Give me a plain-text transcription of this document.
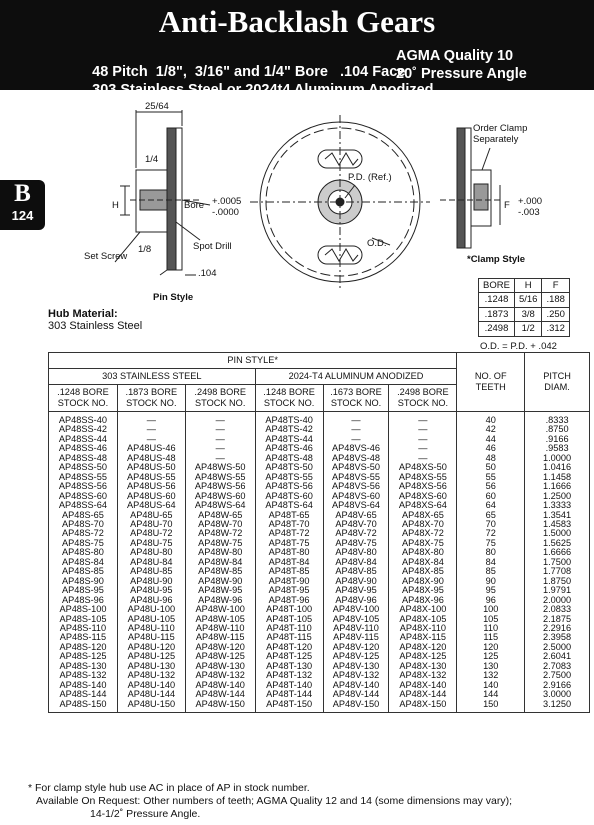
Anti-Backlash Gears

48 Pitch  1/8",  3/16" and 1/4" Bore   .104 Face

AGMA Quality 10

303 Stainless Steel or 2024t4 Aluminum Anodized

20˚ Pressure Angle

B
124
25/64
1/4
H	Bore +.0005
-.0000
1/8
Set Screw
Spot Drill
.104
Pin Style
P.D. (Ref.)
O.D.
Order Clamp
Separately
F +.000
-.003
*Clamp Style
Hub Material:
303 Stainless Steel
BORE	H	F
.1248	5/16	.188
.1873	3/8	.250
.2498	1/2	.312
O.D. = P.D. + .042
PIN STYLE*						NO. OF
TEETH	PITCH
DIAM.
303 STAINLESS STEEL			2024-T4 ALUMINUM ANODIZED				
.1248 BORE
STOCK NO.	.1873 BORE
STOCK NO.	.2498 BORE
STOCK NO.	.1248 BORE
STOCK NO.	.1673 BORE
STOCK NO.	.2498 BORE
STOCK NO.		
AP48SS-40	—	—	AP48TS-40	—	—	40	.8333
AP48SS-42	—	—	AP48TS-42	—	—	42	.8750
AP48SS-44	—	—	AP48TS-44	—	—	44	.9166
AP48SS-46	AP48US-46	—	AP48TS-46	AP48VS-46	—	46	.9583
AP48SS-48	AP48US-48	—	AP48TS-48	AP48VS-48	—	48	1.0000
AP48SS-50	AP48US-50	AP48WS-50	AP48TS-50	AP48VS-50	AP48XS-50	50	1.0416
AP48SS-55	AP48US-55	AP48WS-55	AP48TS-55	AP48VS-55	AP48XS-55	55	1.1458
AP48SS-56	AP48US-56	AP48WS-56	AP48TS-56	AP48VS-56	AP48XS-56	56	1.1666
AP48SS-60	AP48US-60	AP48WS-60	AP48TS-60	AP48VS-60	AP48XS-60	60	1.2500
AP48SS-64	AP48US-64	AP48WS-64	AP48TS-64	AP48VS-64	AP48XS-64	64	1.3333
AP48S-65	AP48U-65	AP48W-65	AP48T-65	AP48V-65	AP48X-65	65	1.3541
AP48S-70	AP48U-70	AP48W-70	AP48T-70	AP48V-70	AP48X-70	70	1.4583
AP48S-72	AP48U-72	AP48W-72	AP48T-72	AP48V-72	AP48X-72	72	1.5000
AP48S-75	AP48U-75	AP48W-75	AP48T-75	AP48V-75	AP48X-75	75	1.5625
AP48S-80	AP48U-80	AP48W-80	AP48T-80	AP48V-80	AP48X-80	80	1.6666
AP48S-84	AP48U-84	AP48W-84	AP48T-84	AP48V-84	AP48X-84	84	1.7500
AP48S-85	AP48U-85	AP48W-85	AP48T-85	AP48V-85	AP48X-85	85	1.7708
AP48S-90	AP48U-90	AP48W-90	AP48T-90	AP48V-90	AP48X-90	90	1.8750
AP48S-95	AP48U-95	AP48W-95	AP48T-95	AP48V-95	AP48X-95	95	1.9791
AP48S-96	AP48U-96	AP48W-96	AP48T-96	AP48V-96	AP48X-96	96	2.0000
AP48S-100	AP48U-100	AP48W-100	AP48T-100	AP48V-100	AP48X-100	100	2.0833
AP48S-105	AP48U-105	AP48W-105	AP48T-105	AP48V-105	AP48X-105	105	2.1875
AP48S-110	AP48U-110	AP48W-110	AP48T-110	AP48V-110	AP48X-110	110	2.2916
AP48S-115	AP48U-115	AP48W-115	AP48T-115	AP48V-115	AP48X-115	115	2.3958
AP48S-120	AP48U-120	AP48W-120	AP48T-120	AP48V-120	AP48X-120	120	2.5000
AP48S-125	AP48U-125	AP48W-125	AP48T-125	AP48V-125	AP48X-125	125	2.6041
AP48S-130	AP48U-130	AP48W-130	AP48T-130	AP48V-130	AP48X-130	130	2.7083
AP48S-132	AP48U-132	AP48W-132	AP48T-132	AP48V-132	AP48X-132	132	2.7500
AP48S-140	AP48U-140	AP48W-140	AP48T-140	AP48V-140	AP48X-140	140	2.9166
AP48S-144	AP48U-144	AP48W-144	AP48T-144	AP48V-144	AP48X-144	144	3.0000
AP48S-150	AP48U-150	AP48W-150	AP48T-150	AP48V-150	AP48X-150	150	3.1250
* For clamp style hub use AC in place of AP in stock number.
Available On Request: Other numbers of teeth; AGMA Quality 12 and 14 (some dimensions may vary);
14-1/2˚ Pressure Angle.
